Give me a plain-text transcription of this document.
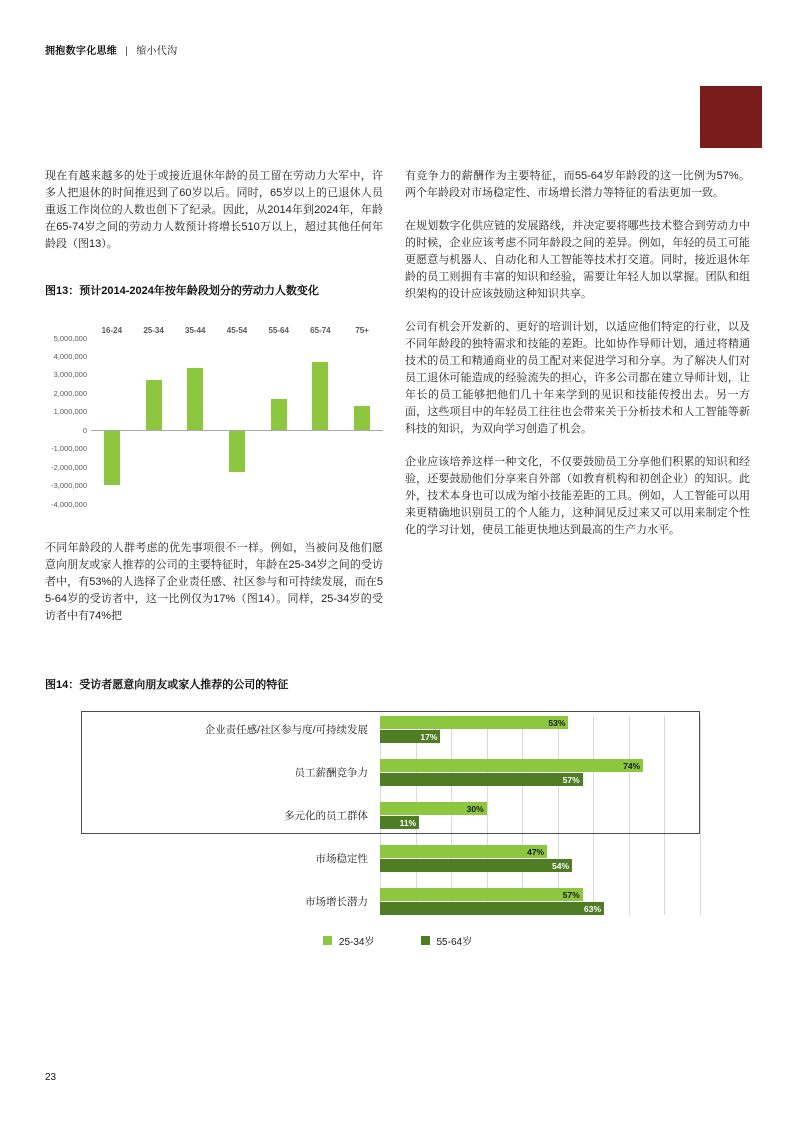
拥抱数字化思维 | 缩小代沟

现在有越来越多的处于或接近退休年龄的员工留在劳动力大军中，许多人把退休的时间推迟到了60岁以后。同时，65岁以上的已退休人员重返工作岗位的人数也创下了纪录。因此，从2014年到2024年，年龄在65-74岁之间的劳动力人数预计将增长510万以上，超过其他任何年龄段（图13）。

图13：预计2014-2024年按年龄段划分的劳动力人数变化
5,000,000
4,000,000
3,000,000
2,000,000
1,000,000
0
-1,000,000
-2,000,000
-3,000,000
-4,000,000
16-24	25-34	35-44	45-54	55-64	65-74	75+

不同年龄段的人群考虑的优先事项很不一样。例如，当被问及他们愿意向朋友或家人推荐的公司的主要特征时，年龄在25-34岁之间的受访者中，有53%的人选择了企业责任感、社区参与和可持续发展，而在55-64岁的受访者中，这一比例仅为17%（图14）。同样，25-34岁的受访者中有74%把

有竞争力的薪酬作为主要特征，而55-64岁年龄段的这一比例为57%。两个年龄段对市场稳定性、市场增长潜力等特征的看法更加一致。

在规划数字化供应链的发展路线，并决定要将哪些技术整合到劳动力中的时候，企业应该考虑不同年龄段之间的差异。例如，年轻的员工可能更愿意与机器人、自动化和人工智能等技术打交道。同时，接近退休年龄的员工则拥有丰富的知识和经验，需要让年轻人加以掌握。团队和组织架构的设计应该鼓励这种知识共享。

公司有机会开发新的、更好的培训计划，以适应他们特定的行业，以及不同年龄段的独特需求和技能的差距。比如协作导师计划，通过将精通技术的员工和精通商业的员工配对来促进学习和分享。为了解决人们对员工退休可能造成的经验流失的担心，许多公司都在建立导师计划，让年长的员工能够把他们几十年来学到的见识和技能传授出去。另一方面，这些项目中的年轻员工往往也会带来关于分析技术和人工智能等新科技的知识，为双向学习创造了机会。

企业应该培养这样一种文化，不仅要鼓励员工分享他们积累的知识和经验，还要鼓励他们分享来自外部（如教育机构和初创企业）的知识。此外，技术本身也可以成为缩小技能差距的工具。例如，人工智能可以用来更精确地识别员工的个人能力，这种洞见反过来又可以用来制定个性化的学习计划，使员工能更快地达到最高的生产力水平。

图14：受访者愿意向朋友或家人推荐的公司的特征
企业责任感/社区参与度/可持续发展
53%
17%
员工薪酬竞争力
74%
57%
多元化的员工群体
30%
11%
市场稳定性
47%
54%
市场增长潜力
57%
63%
25-34岁	55-64岁
23
